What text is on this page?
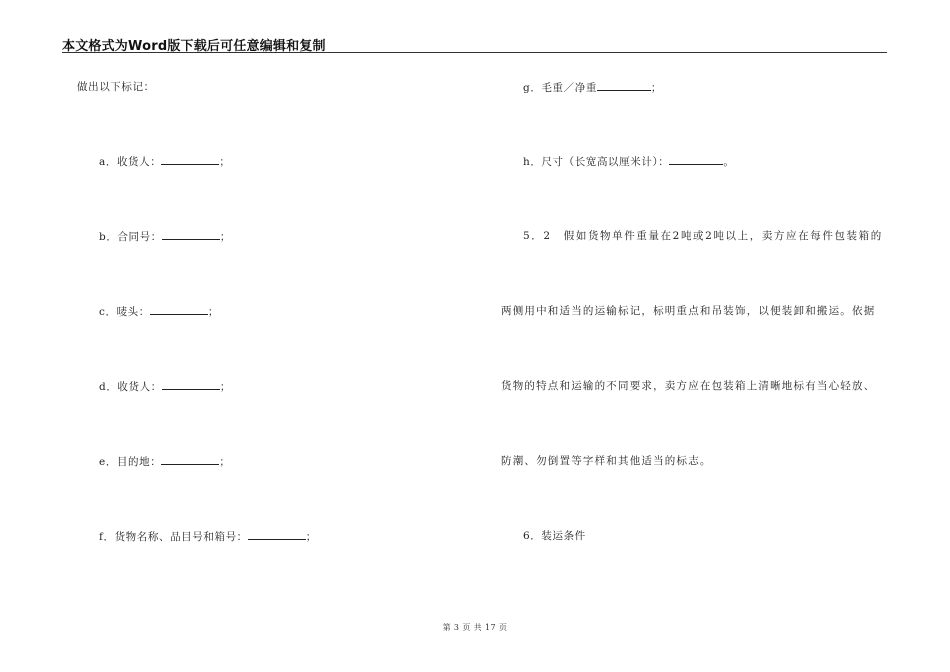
本文格式为Word版下载后可任意编辑和复制
做出以下标记：
a．收货人：	；
b．合同号：	；
c．唛头：	；
d．收货人：	；
e．目的地：	；
f．货物名称、品目号和箱号：	；
g．毛重／净重	；
h．尺寸（长宽高以厘米计）：	。
5．2　假如货物单件重量在2吨或2吨以上，卖方应在每件包装箱的
两侧用中和适当的运输标记，标明重点和吊装饰，以便装卸和搬运。依据
货物的特点和运输的不同要求，卖方应在包装箱上清晰地标有当心轻放、
防潮、勿倒置等字样和其他适当的标志。
6．装运条件
第 3 页 共 17 页
